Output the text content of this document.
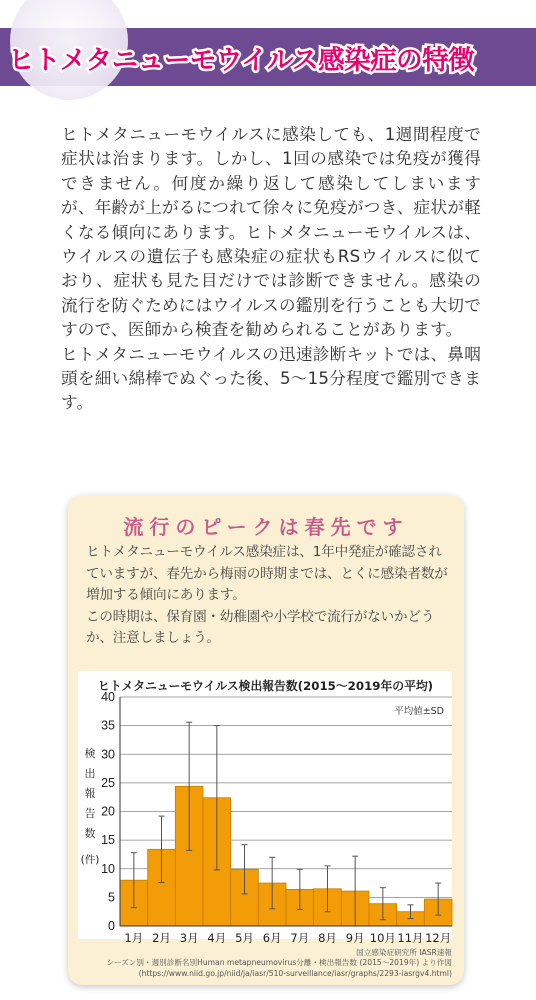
ヒトメタニューモウイルス感染症の特徴

ヒトメタニューモウイルスに感染しても、1週間程度で症状は治まります。しかし、1回の感染では免疫が獲得できません。何度か繰り返して感染してしまいますが、年齢が上がるにつれて徐々に免疫がつき、症状が軽くなる傾向にあります。ヒトメタニューモウイルスは、ウイルスの遺伝子も感染症の症状もRSウイルスに似ており、症状も見た目だけでは診断できません。感染の流行を防ぐためにはウイルスの鑑別を行うことも大切ですので、医師から検査を勧められることがあります。

ヒトメタニューモウイルスの迅速診断キットでは、鼻咽頭を細い綿棒でぬぐった後、5〜15分程度で鑑別できます。

流行のピークは春先です

ヒトメタニューモウイルス感染症は、1年中発症が確認されていますが、春先から梅雨の時期までは、とくに感染者数が増加する傾向にあります。

この時期は、保育園・幼稚園や小学校で流行がないかどうか、注意しましょう。

ヒトメタニューモウイルス検出報告数(2015〜2019年の平均)
0
5
10
15
20
25
30
35
40
1月 2月 3月 4月 5月 6月 7月 8月 9月 10月 11月 12月
検
出
報
告
数
(件)
平均値±SD
国立感染症研究所 IASR速報
シーズン別・週別診断名別Human metapneumovirus分離・検出報告数 (2015〜2019年) より作図
(https://www.niid.go.jp/niid/ja/iasr/510-surveillance/iasr/graphs/2293-iasrgv4.html)
